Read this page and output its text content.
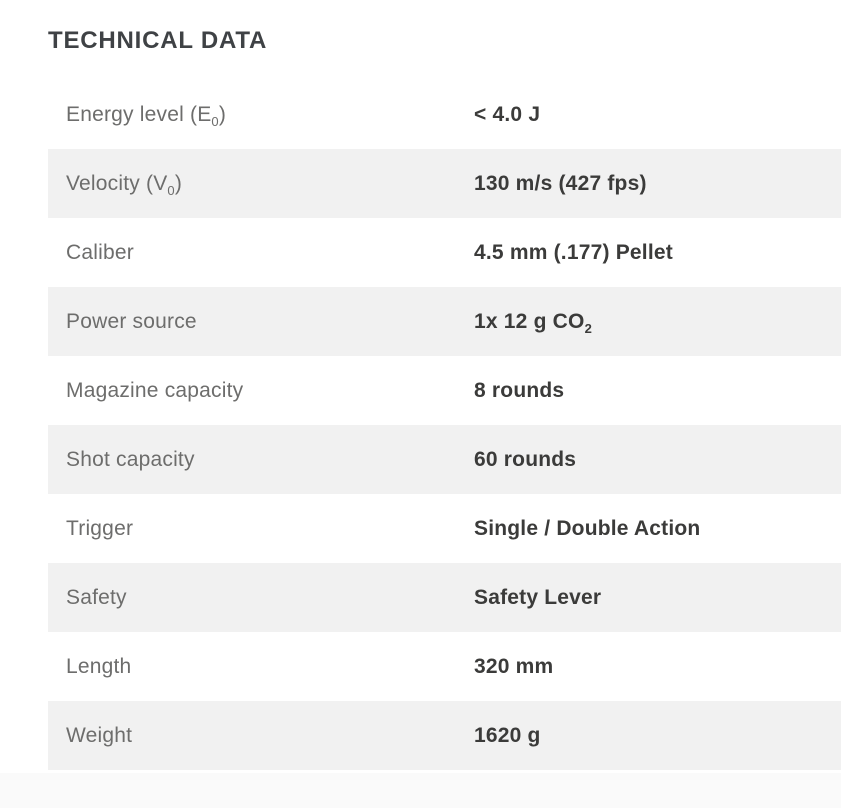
TECHNICAL DATA
Energy level $(E_0)$	< 4.0 J
Velocity $(V_0)$	130 m/s (427 fps)
Caliber	4.5 mm (.177) Pellet
Power source	1x 12 g $CO_2$
Magazine capacity	8 rounds
Shot capacity	60 rounds
Trigger	Single / Double Action
Safety	Safety Lever
Length	320 mm
Weight	1620 g
